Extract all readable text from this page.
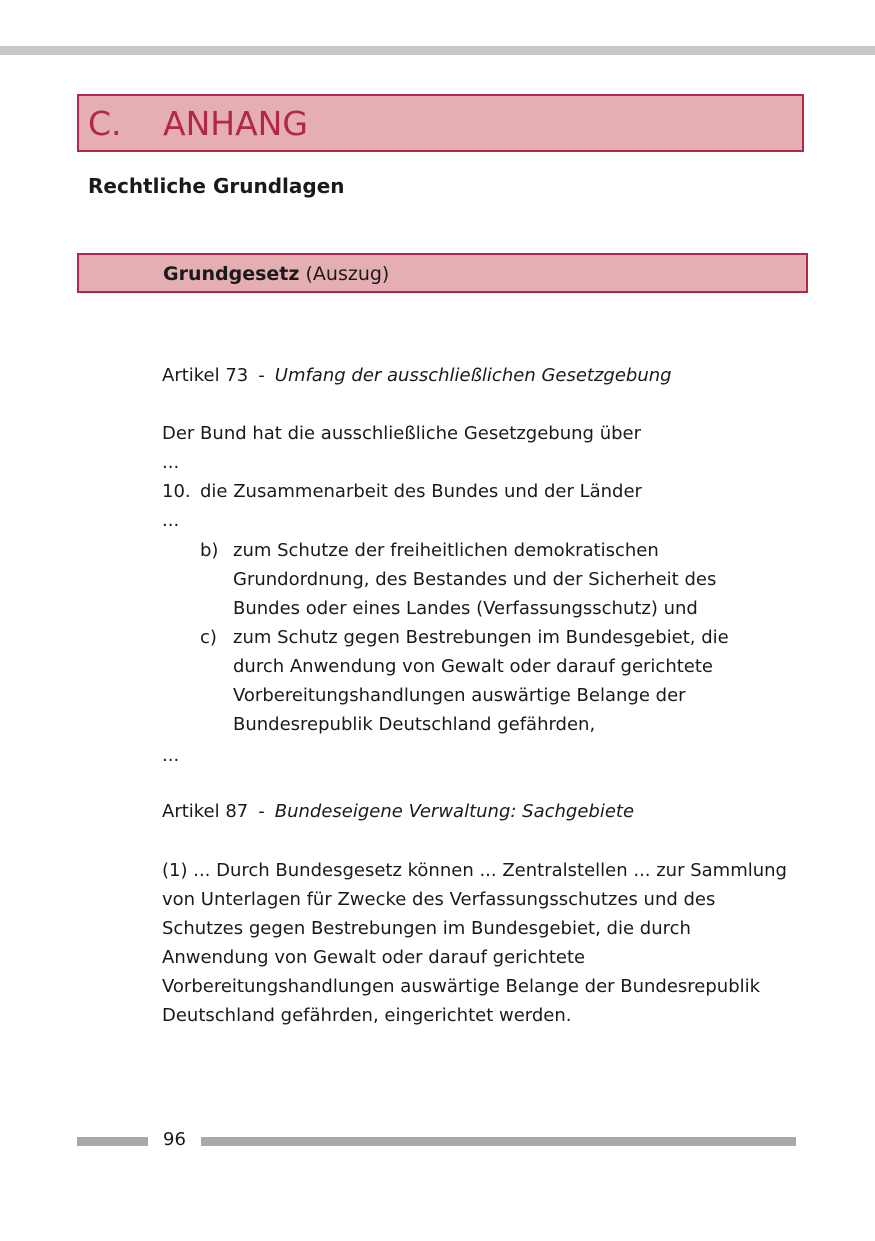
C. ANHANG
Rechtliche Grundlagen
Grundgesetz (Auszug)
Artikel 73 - Umfang der ausschließlichen Gesetzgebung
Der Bund hat die ausschließliche Gesetzgebung über
...
10. die Zusammenarbeit des Bundes und der Länder
...
b) zum Schutze der freiheitlichen demokratischen
Grundordnung, des Bestandes und der Sicherheit des
Bundes oder eines Landes (Verfassungsschutz) und
c) zum Schutz gegen Bestrebungen im Bundesgebiet, die
durch Anwendung von Gewalt oder darauf gerichtete
Vorbereitungshandlungen auswärtige Belange der
Bundesrepublik Deutschland gefährden,
...
Artikel 87 - Bundeseigene Verwaltung: Sachgebiete
(1) ... Durch Bundesgesetz können ... Zentralstellen ... zur Sammlung
von Unterlagen für Zwecke des Verfassungsschutzes und des
Schutzes gegen Bestrebungen im Bundesgebiet, die durch
Anwendung von Gewalt oder darauf gerichtete
Vorbereitungshandlungen auswärtige Belange der Bundesrepublik
Deutschland gefährden, eingerichtet werden.
96
